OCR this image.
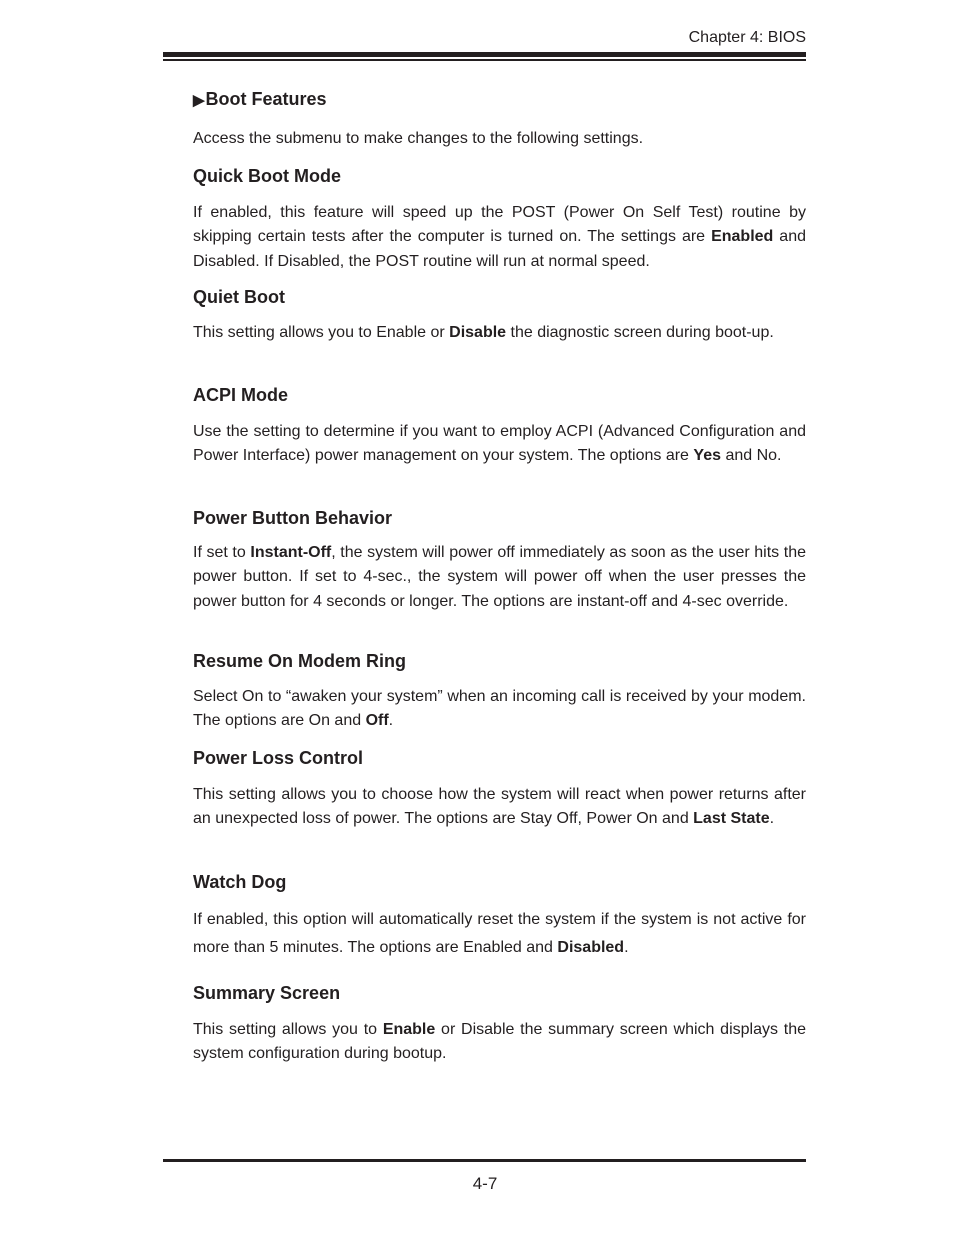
Chapter 4: BIOS
▶Boot Features

Access the submenu to make changes to the following settings.

Quick Boot Mode

If enabled, this feature will speed up the POST (Power On Self Test) routine by skipping certain tests after the computer is turned on. The settings are Enabled and Disabled. If Disabled, the POST routine will run at normal speed.

Quiet Boot

This setting allows you to Enable or Disable the diagnostic screen during boot-up.

ACPI Mode

Use the setting to determine if you want to employ ACPI (Advanced Configuration and Power Interface) power management on your system. The options are Yes and No.

Power Button Behavior

If set to Instant-Off, the system will power off immediately as soon as the user hits the power button. If set to 4-sec., the system will power off when the user presses the power button for 4 seconds or longer. The options are instant-off and 4-sec override.

Resume On Modem Ring

Select On to “awaken your system” when an incoming call is received by your modem. The options are On and Off.

Power Loss Control

This setting allows you to choose how the system will react when power returns after an unexpected loss of power. The options are Stay Off, Power On and Last State.

Watch Dog

If enabled, this option will automatically reset the system if the system is not active for more than 5 minutes. The options are Enabled and Disabled.

Summary Screen

This setting allows you to Enable or Disable the summary screen which displays the system configuration during bootup.

4-7
